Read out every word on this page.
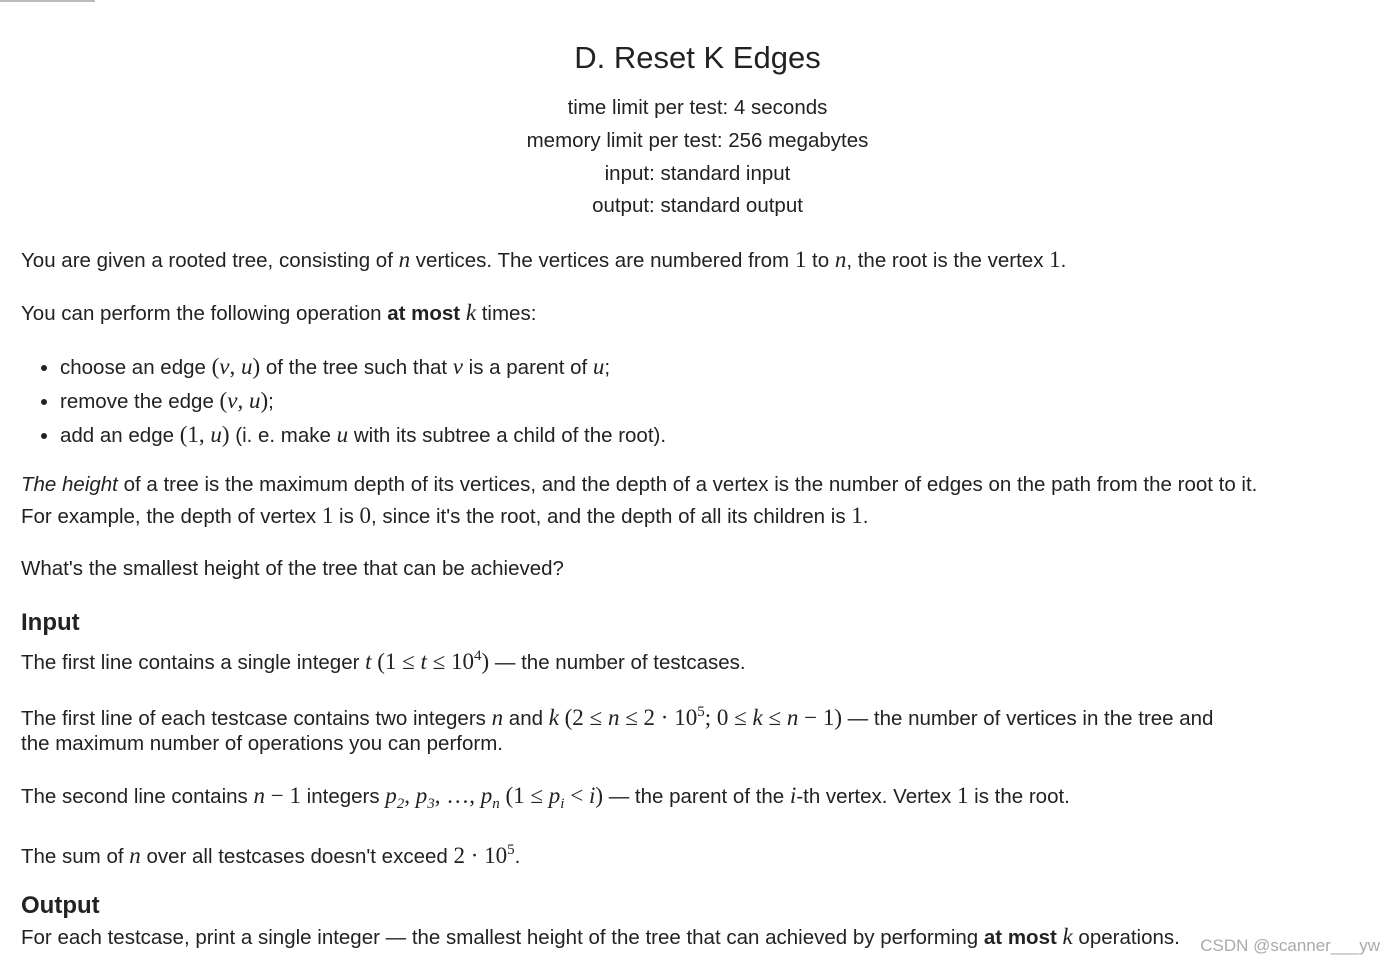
D. Reset K Edges
time limit per test: 4 seconds
memory limit per test: 256 megabytes
input: standard input
output: standard output
You are given a rooted tree, consisting of n vertices. The vertices are numbered from 1 to n, the root is the vertex 1.
You can perform the following operation at most k times:
• choose an edge (v, u) of the tree such that v is a parent of u;
• remove the edge (v, u);
• add an edge (1, u) (i. e. make u with its subtree a child of the root).
The height of a tree is the maximum depth of its vertices, and the depth of a vertex is the number of edges on the path from the root to it.
For example, the depth of vertex 1 is 0, since it's the root, and the depth of all its children is 1.
What's the smallest height of the tree that can be achieved?
Input
The first line contains a single integer t $(1 \le t \le 10^4)$ — the number of testcases.
The first line of each testcase contains two integers n and k ($2 \le n \le 2 \cdot 10^5$; 0 ≤ k ≤ n − 1) — the number of vertices in the tree and
the maximum number of operations you can perform.
The second line contains n − 1 integers $p_2$, $p_3$, …, $p_n$ $(1 \le p_i < i)$ — the parent of the i-th vertex. Vertex 1 is the root.
The sum of n over all testcases doesn't exceed $2 \cdot 10^5$.
Output
For each testcase, print a single integer — the smallest height of the tree that can achieved by performing at most k operations. CSDN @scanner___yw
